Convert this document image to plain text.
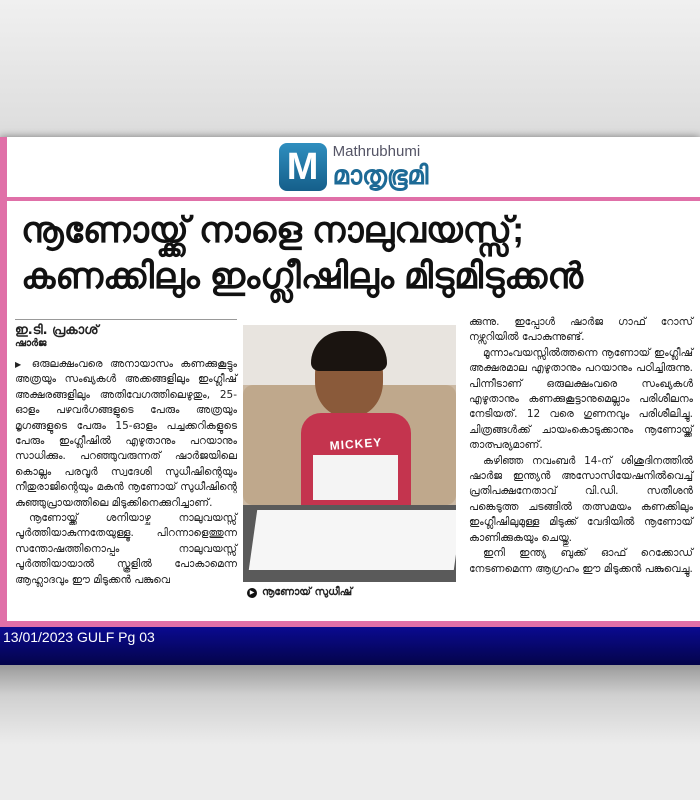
M Mathrubhumi
മാതൃഭൂമി
നൂണോയ്ക്ക് നാളെ നാലുവയസ്സ്;
കണക്കിലും ഇംഗ്ലീഷിലും മിടുമിടുക്കൻ
ഇ.ടി. പ്രകാശ്
ഷാർജ
▶ ഒരുലക്ഷംവരെ അനായാസം കണക്കുകൂട്ടും അത്രയും സംഖ്യകൾ അക്കങ്ങളിലും ഇംഗ്ലീഷ് അക്ഷരങ്ങളിലും അതിവേഗത്തിലെഴുതും, 25-ഓളം പഴവർഗങ്ങളുടെ പേരും അത്രയും മൃഗങ്ങളുടെ പേരും 15-ഓളം പച്ചക്കറികളുടെ പേരും ഇംഗ്ലീഷിൽ എഴുതാനും പറയാനും സാധിക്കും. പറഞ്ഞുവരുന്നത് ഷാർജയിലെ കൊല്ലം പരവൂർ സ്വദേശി സുധീഷിന്റെയും നീതുരാജിന്റെയും മകൻ നൂണോയ് സുധീഷിന്റെ കുഞ്ഞുപ്രായത്തിലെ മിടുക്കിനെക്കുറിച്ചാണ്.

നൂണോയ്ക്ക് ശനിയാഴ്ച നാലുവയസ്സ് പൂർത്തിയാകുന്നതേയുള്ളൂ. പിറന്നാളെത്തുന്ന സന്തോഷത്തിനൊപ്പം നാലുവയസ്സ് പൂർത്തിയായാൽ സ്കൂളിൽ പോകാമെന്ന ആഹ്ലാദവും ഈ മിടുക്കൻ പങ്കുവെ

MICKEY
▶ നൂണോയ് സുധീഷ്
ക്കുന്നു. ഇപ്പോൾ ഷാർജ ഗാഫ് റോസ് നഴ്സറിയിൽ പോകുന്നുണ്ട്.

മൂന്നാംവയസ്സിൽത്തന്നെ നൂണോയ് ഇംഗ്ലീഷ് അക്ഷരമാല എഴുതാനും പറയാനും പഠിച്ചിരുന്നു. പിന്നീടാണ് ഒരുലക്ഷംവരെ സംഖ്യകൾ എഴുതാനും കണക്കുകൂട്ടാനുമെല്ലാം പരിശീലനം നേടിയത്. 12 വരെ ഗുണനവും പരിശീലിച്ചു. ചിത്രങ്ങൾക്ക് ചായംകൊടുക്കാനും നൂണോയ്ക്ക് താത്പര്യമാണ്.

കഴിഞ്ഞ നവംബർ 14-ന് ശിശുദിനത്തിൽ ഷാർജ ഇന്ത്യൻ അസോസിയേഷനിൽവെച്ച് പ്രതിപക്ഷനേതാവ് വി.ഡി. സതീശൻ പങ്കെടുത്ത ചടങ്ങിൽ തത്സമയം കണക്കിലും ഇംഗ്ലീഷിലുമുള്ള മിടുക്ക് വേദിയിൽ നൂണോയ് കാണിക്കുകയും ചെയ്തു.

ഇനി ഇന്ത്യ ബുക്ക് ഓഫ് റെക്കോഡ് നേടണമെന്ന ആഗ്രഹം ഈ മിടുക്കൻ പങ്കുവെച്ചു.

13/01/2023 GULF Pg 03
